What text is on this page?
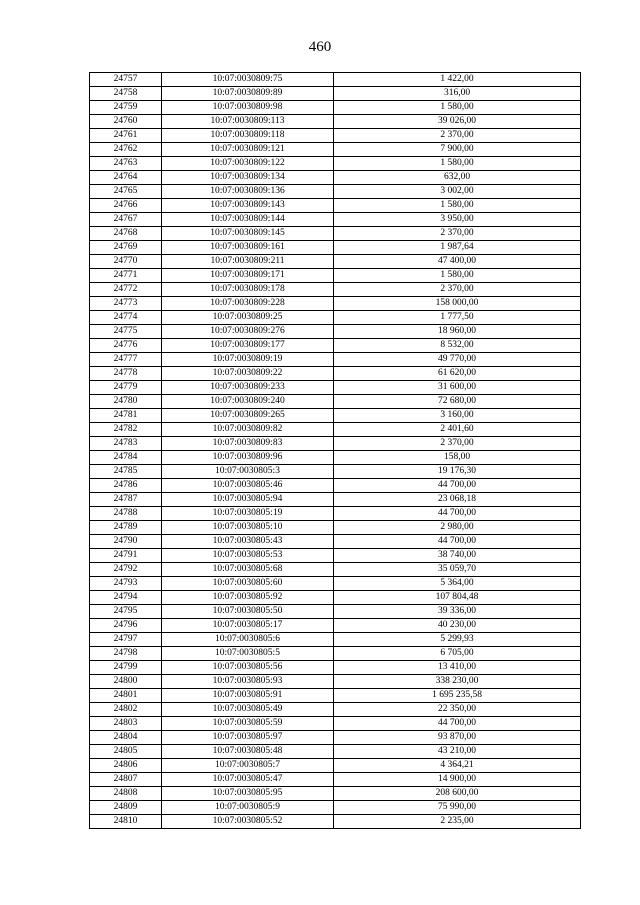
460
24757	10:07:0030809:75	1 422,00
24758	10:07:0030809:89	316,00
24759	10:07:0030809:98	1 580,00
24760	10:07:0030809:113	39 026,00
24761	10:07:0030809:118	2 370,00
24762	10:07:0030809:121	7 900,00
24763	10:07:0030809:122	1 580,00
24764	10:07:0030809:134	632,00
24765	10:07:0030809:136	3 002,00
24766	10:07:0030809:143	1 580,00
24767	10:07:0030809:144	3 950,00
24768	10:07:0030809:145	2 370,00
24769	10:07:0030809:161	1 987,64
24770	10:07:0030809:211	47 400,00
24771	10:07:0030809:171	1 580,00
24772	10:07:0030809:178	2 370,00
24773	10:07:0030809:228	158 000,00
24774	10:07:0030809:25	1 777,50
24775	10:07:0030809:276	18 960,00
24776	10:07:0030809:177	8 532,00
24777	10:07:0030809:19	49 770,00
24778	10:07:0030809:22	61 620,00
24779	10:07:0030809:233	31 600,00
24780	10:07:0030809:240	72 680,00
24781	10:07:0030809:265	3 160,00
24782	10:07:0030809:82	2 401,60
24783	10:07:0030809:83	2 370,00
24784	10:07:0030809:96	158,00
24785	10:07:0030805:3	19 176,30
24786	10:07:0030805:46	44 700,00
24787	10:07:0030805:94	23 068,18
24788	10:07:0030805:19	44 700,00
24789	10:07:0030805:10	2 980,00
24790	10:07:0030805:43	44 700,00
24791	10:07:0030805:53	38 740,00
24792	10:07:0030805:68	35 059,70
24793	10:07:0030805:60	5 364,00
24794	10:07:0030805:92	107 804,48
24795	10:07:0030805:50	39 336,00
24796	10:07:0030805:17	40 230,00
24797	10:07:0030805:6	5 299,93
24798	10:07:0030805:5	6 705,00
24799	10:07:0030805:56	13 410,00
24800	10:07:0030805:93	338 230,00
24801	10:07:0030805:91	1 695 235,58
24802	10:07:0030805:49	22 350,00
24803	10:07:0030805:59	44 700,00
24804	10:07:0030805:97	93 870,00
24805	10:07:0030805:48	43 210,00
24806	10:07:0030805:7	4 364,21
24807	10:07:0030805:47	14 900,00
24808	10:07:0030805:95	208 600,00
24809	10:07:0030805:9	75 990,00
24810	10:07:0030805:52	2 235,00
